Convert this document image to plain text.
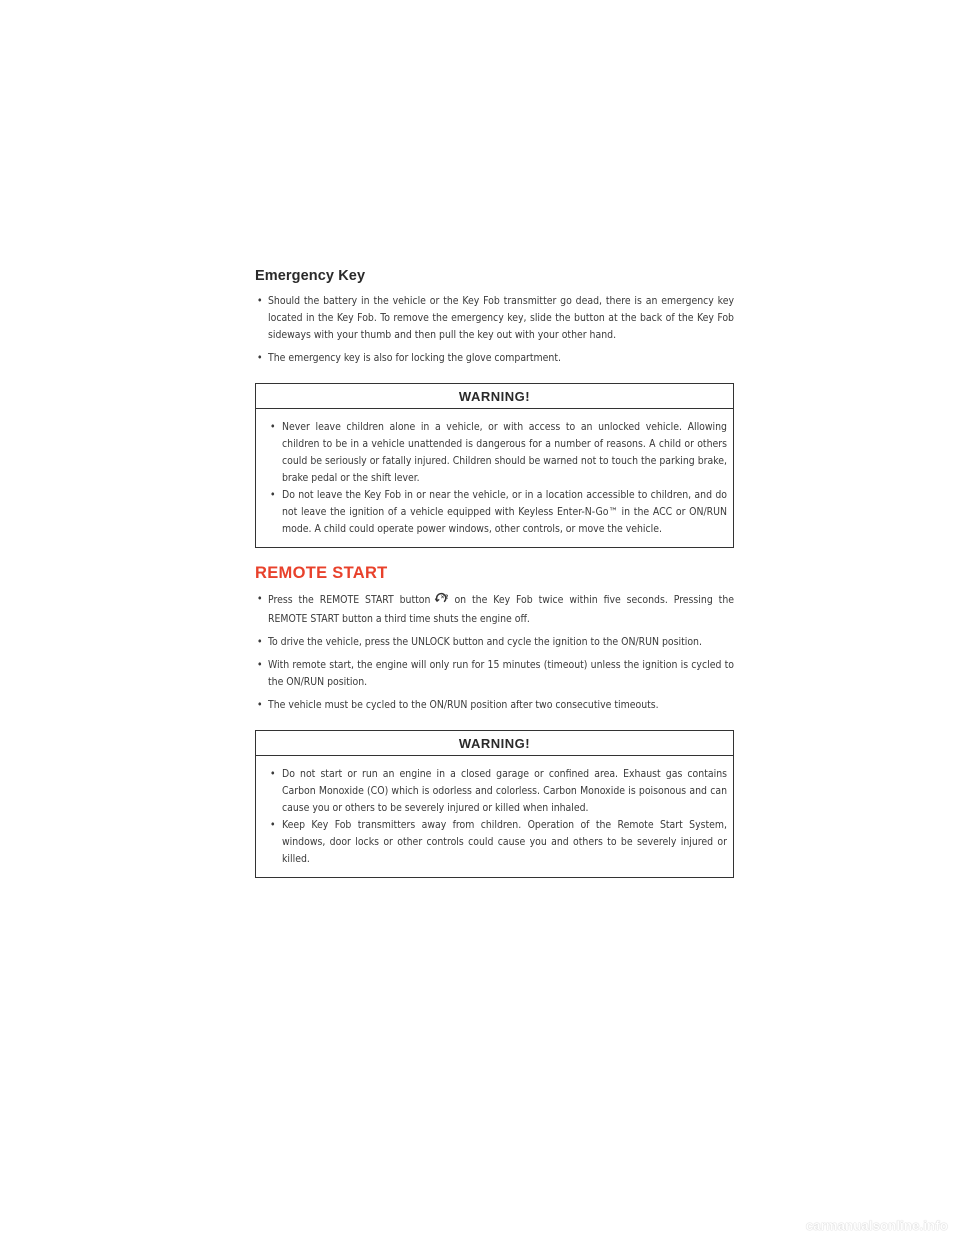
Emergency Key
• Should the battery in the vehicle or the Key Fob transmitter go dead, there is an emergency key located in the Key Fob. To remove the emergency key, slide the button at the back of the Key Fob sideways with your thumb and then pull the key out with your other hand.
• The emergency key is also for locking the glove compartment.
WARNING!
• Never leave children alone in a vehicle, or with access to an unlocked vehicle. Allowing children to be in a vehicle unattended is dangerous for a number of reasons. A child or others could be seriously or fatally injured. Children should be warned not to touch the parking brake, brake pedal or the shift lever.
• Do not leave the Key Fob in or near the vehicle, or in a location accessible to children, and do not leave the ignition of a vehicle equipped with Keyless Enter-N-Go™ in the ACC or ON/RUN mode. A child could operate power windows, other controls, or move the vehicle.
REMOTE START
• Press the REMOTE START button ×2 on the Key Fob twice within five seconds. Pressing the REMOTE START button a third time shuts the engine off.
• To drive the vehicle, press the UNLOCK button and cycle the ignition to the ON/RUN position.
• With remote start, the engine will only run for 15 minutes (timeout) unless the ignition is cycled to the ON/RUN position.
• The vehicle must be cycled to the ON/RUN position after two consecutive timeouts.
WARNING!
• Do not start or run an engine in a closed garage or confined area. Exhaust gas contains Carbon Monoxide (CO) which is odorless and colorless. Carbon Monoxide is poisonous and can cause you or others to be severely injured or killed when inhaled.
• Keep Key Fob transmitters away from children. Operation of the Remote Start System, windows, door locks or other controls could cause you and others to be severely injured or killed.
carmanualsonline.info
